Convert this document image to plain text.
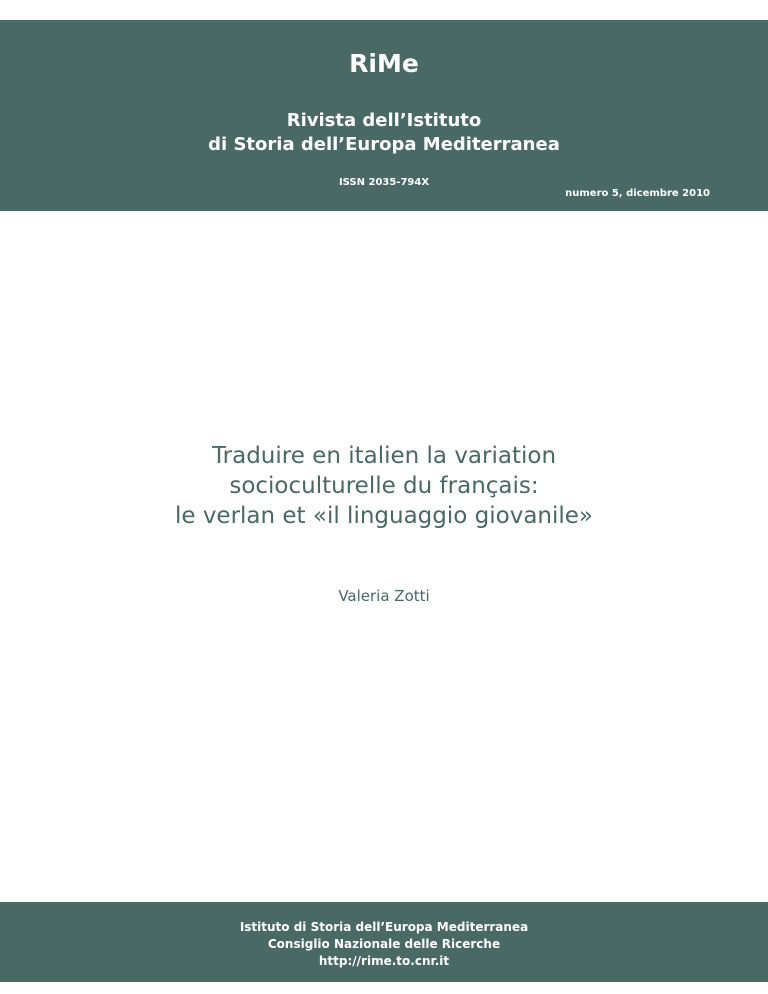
RiMe
Rivista dell’Istituto
di Storia dell’Europa Mediterranea
ISSN 2035-794X
numero 5, dicembre 2010
Traduire en italien la variation
socioculturelle du français:
le verlan et «il linguaggio giovanile»
Valeria Zotti
Istituto di Storia dell’Europa Mediterranea
Consiglio Nazionale delle Ricerche
http://rime.to.cnr.it
